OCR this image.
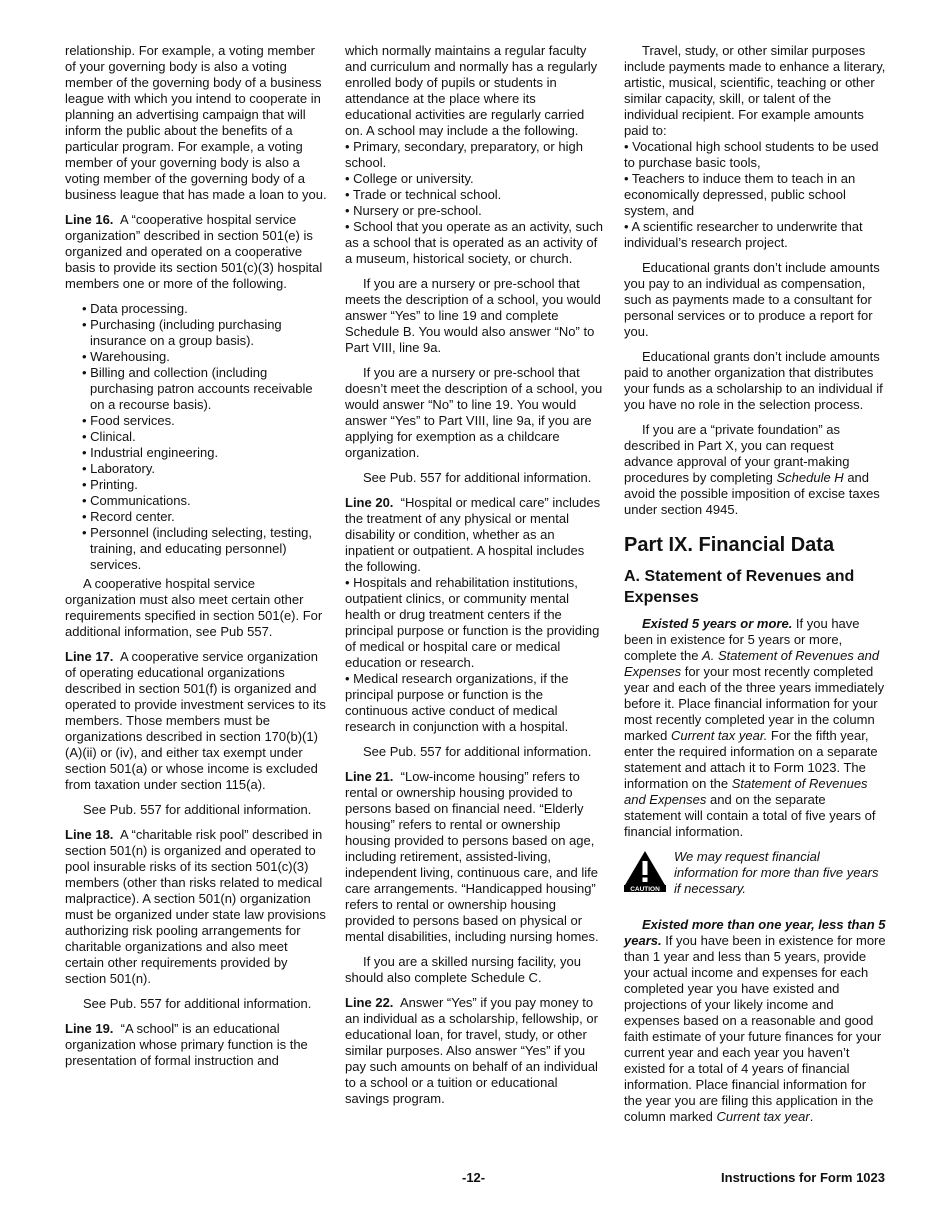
relationship. For example, a voting member of your governing body is also a voting member of the governing body of a business league with which you intend to cooperate in planning an advertising campaign that will inform the public about the benefits of a particular program. For example, a voting member of your governing body is also a voting member of the governing body of a business league that has made a loan to you.

Line 16. A “cooperative hospital service organization” described in section 501(e) is organized and operated on a cooperative basis to provide its section 501(c)(3) hospital members one or more of the following.

• Data processing.
• Purchasing (including purchasing insurance on a group basis).
• Warehousing.
• Billing and collection (including purchasing patron accounts receivable on a recourse basis).
• Food services.
• Clinical.
• Industrial engineering.
• Laboratory.
• Printing.
• Communications.
• Record center.
• Personnel (including selecting, testing, training, and educating personnel) services.

A cooperative hospital service organization must also meet certain other requirements specified in section 501(e). For additional information, see Pub 557.

Line 17. A cooperative service organization of operating educational organizations described in section 501(f) is organized and operated to provide investment services to its members. Those members must be organizations described in section 170(b)(1)(A)(ii) or (iv), and either tax exempt under section 501(a) or whose income is excluded from taxation under section 115(a).

See Pub. 557 for additional information.

Line 18. A “charitable risk pool” described in section 501(n) is organized and operated to pool insurable risks of its section 501(c)(3) members (other than risks related to medical malpractice). A section 501(n) organization must be organized under state law provisions authorizing risk pooling arrangements for charitable organizations and also meet certain other requirements provided by section 501(n).

See Pub. 557 for additional information.

Line 19. “A school” is an educational organization whose primary function is the presentation of formal instruction and

which normally maintains a regular faculty and curriculum and normally has a regularly enrolled body of pupils or students in attendance at the place where its educational activities are regularly carried on. A school may include a the following.

• Primary, secondary, preparatory, or high school.
• College or university.
• Trade or technical school.
• Nursery or pre-school.
• School that you operate as an activity, such as a school that is operated as an activity of a museum, historical society, or church.

If you are a nursery or pre-school that meets the description of a school, you would answer “Yes” to line 19 and complete Schedule B. You would also answer “No” to Part VIII, line 9a.

If you are a nursery or pre-school that doesn’t meet the description of a school, you would answer “No” to line 19. You would answer “Yes” to Part VIII, line 9a, if you are applying for exemption as a childcare organization.

See Pub. 557 for additional information.

Line 20. “Hospital or medical care” includes the treatment of any physical or mental disability or condition, whether as an inpatient or outpatient. A hospital includes the following.

• Hospitals and rehabilitation institutions, outpatient clinics, or community mental health or drug treatment centers if the principal purpose or function is the providing of medical or hospital care or medical education or research.
• Medical research organizations, if the principal purpose or function is the continuous active conduct of medical research in conjunction with a hospital.

See Pub. 557 for additional information.

Line 21. “Low-income housing” refers to rental or ownership housing provided to persons based on financial need. “Elderly housing” refers to rental or ownership housing provided to persons based on age, including retirement, assisted-living, independent living, continuous care, and life care arrangements. “Handicapped housing” refers to rental or ownership housing provided to persons based on physical or mental disabilities, including nursing homes.

If you are a skilled nursing facility, you should also complete Schedule C.

Line 22. Answer “Yes” if you pay money to an individual as a scholarship, fellowship, or educational loan, for travel, study, or other similar purposes. Also answer “Yes” if you pay such amounts on behalf of an individual to a school or a tuition or educational savings program.

Travel, study, or other similar purposes include payments made to enhance a literary, artistic, musical, scientific, teaching or other similar capacity, skill, or talent of the individual recipient. For example amounts paid to:

• Vocational high school students to be used to purchase basic tools,
• Teachers to induce them to teach in an economically depressed, public school system, and
• A scientific researcher to underwrite that individual’s research project.

Educational grants don’t include amounts you pay to an individual as compensation, such as payments made to a consultant for personal services or to produce a report for you.

Educational grants don’t include amounts paid to another organization that distributes your funds as a scholarship to an individual if you have no role in the selection process.

If you are a “private foundation” as described in Part X, you can request advance approval of your grant-making procedures by completing Schedule H and avoid the possible imposition of excise taxes under section 4945.

Part IX. Financial Data
A. Statement of Revenues and Expenses

Existed 5 years or more. If you have been in existence for 5 years or more, complete the A. Statement of Revenues and Expenses for your most recently completed year and each of the three years immediately before it. Place financial information for your most recently completed year in the column marked Current tax year. For the fifth year, enter the required information on a separate statement and attach it to Form 1023. The information on the Statement of Revenues and Expenses and on the separate statement will contain a total of five years of financial information.

CAUTION
We may request financial information for more than five years if necessary.

Existed more than one year, less than 5 years. If you have been in existence for more than 1 year and less than 5 years, provide your actual income and expenses for each completed year you have existed and projections of your likely income and expenses based on a reasonable and good faith estimate of your future finances for your current year and each year you haven’t existed for a total of 4 years of financial information. Place financial information for the year you are filing this application in the column marked Current tax year.

-12-	Instructions for Form 1023
